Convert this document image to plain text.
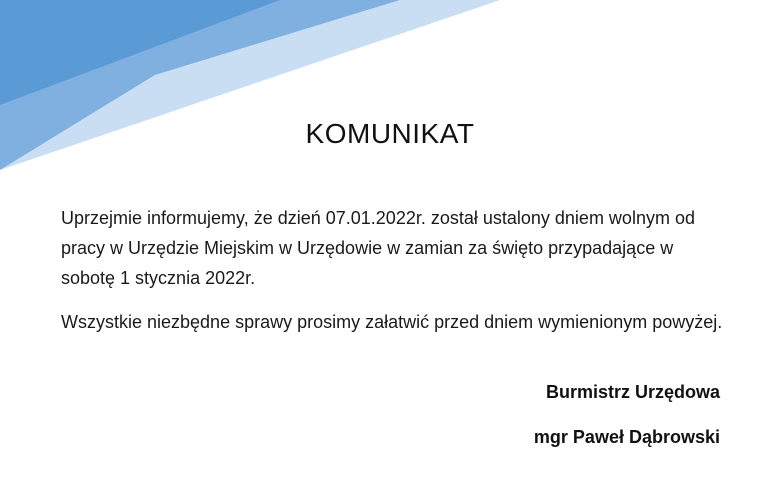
KOMUNIKAT

Uprzejmie informujemy, że dzień 07.01.2022r. został ustalony dniem wolnym od pracy w Urzędzie Miejskim w Urzędowie w zamian za święto przypadające w sobotę 1 stycznia 2022r.

Wszystkie niezbędne sprawy prosimy załatwić przed dniem wymienionym powyżej.

Burmistrz Urzędowa

mgr Paweł Dąbrowski
